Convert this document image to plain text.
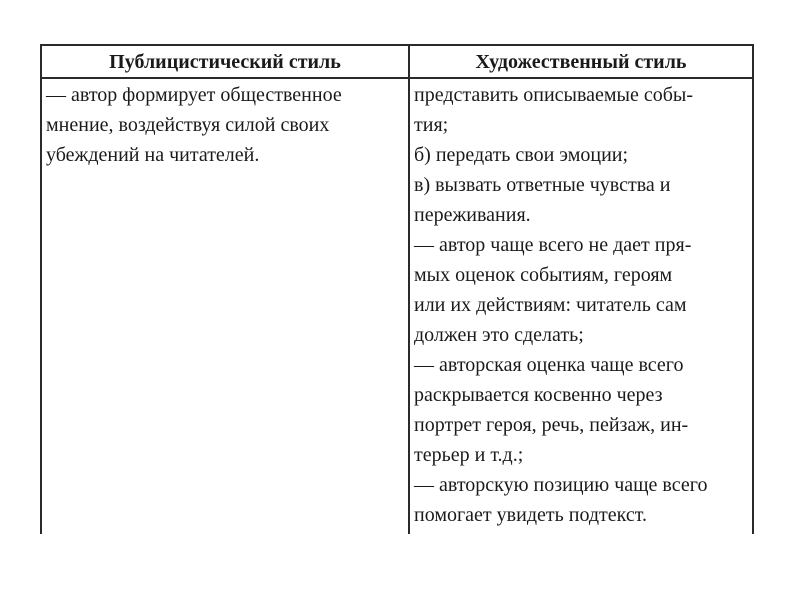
Публицистический стиль	Художественный стиль
— автор формирует общественное
мнение, воздействуя силой своих
убеждений на читателей.
представить описываемые собы-
тия;
б) передать свои эмоции;
в) вызвать ответные чувства и
переживания.
— автор чаще всего не дает пря-
мых оценок событиям, героям
или их действиям: читатель сам
должен это сделать;
— авторская оценка чаще всего
раскрывается косвенно через
портрет героя, речь, пейзаж, ин-
терьер и т.д.;
— авторскую позицию чаще всего
помогает увидеть подтекст.
